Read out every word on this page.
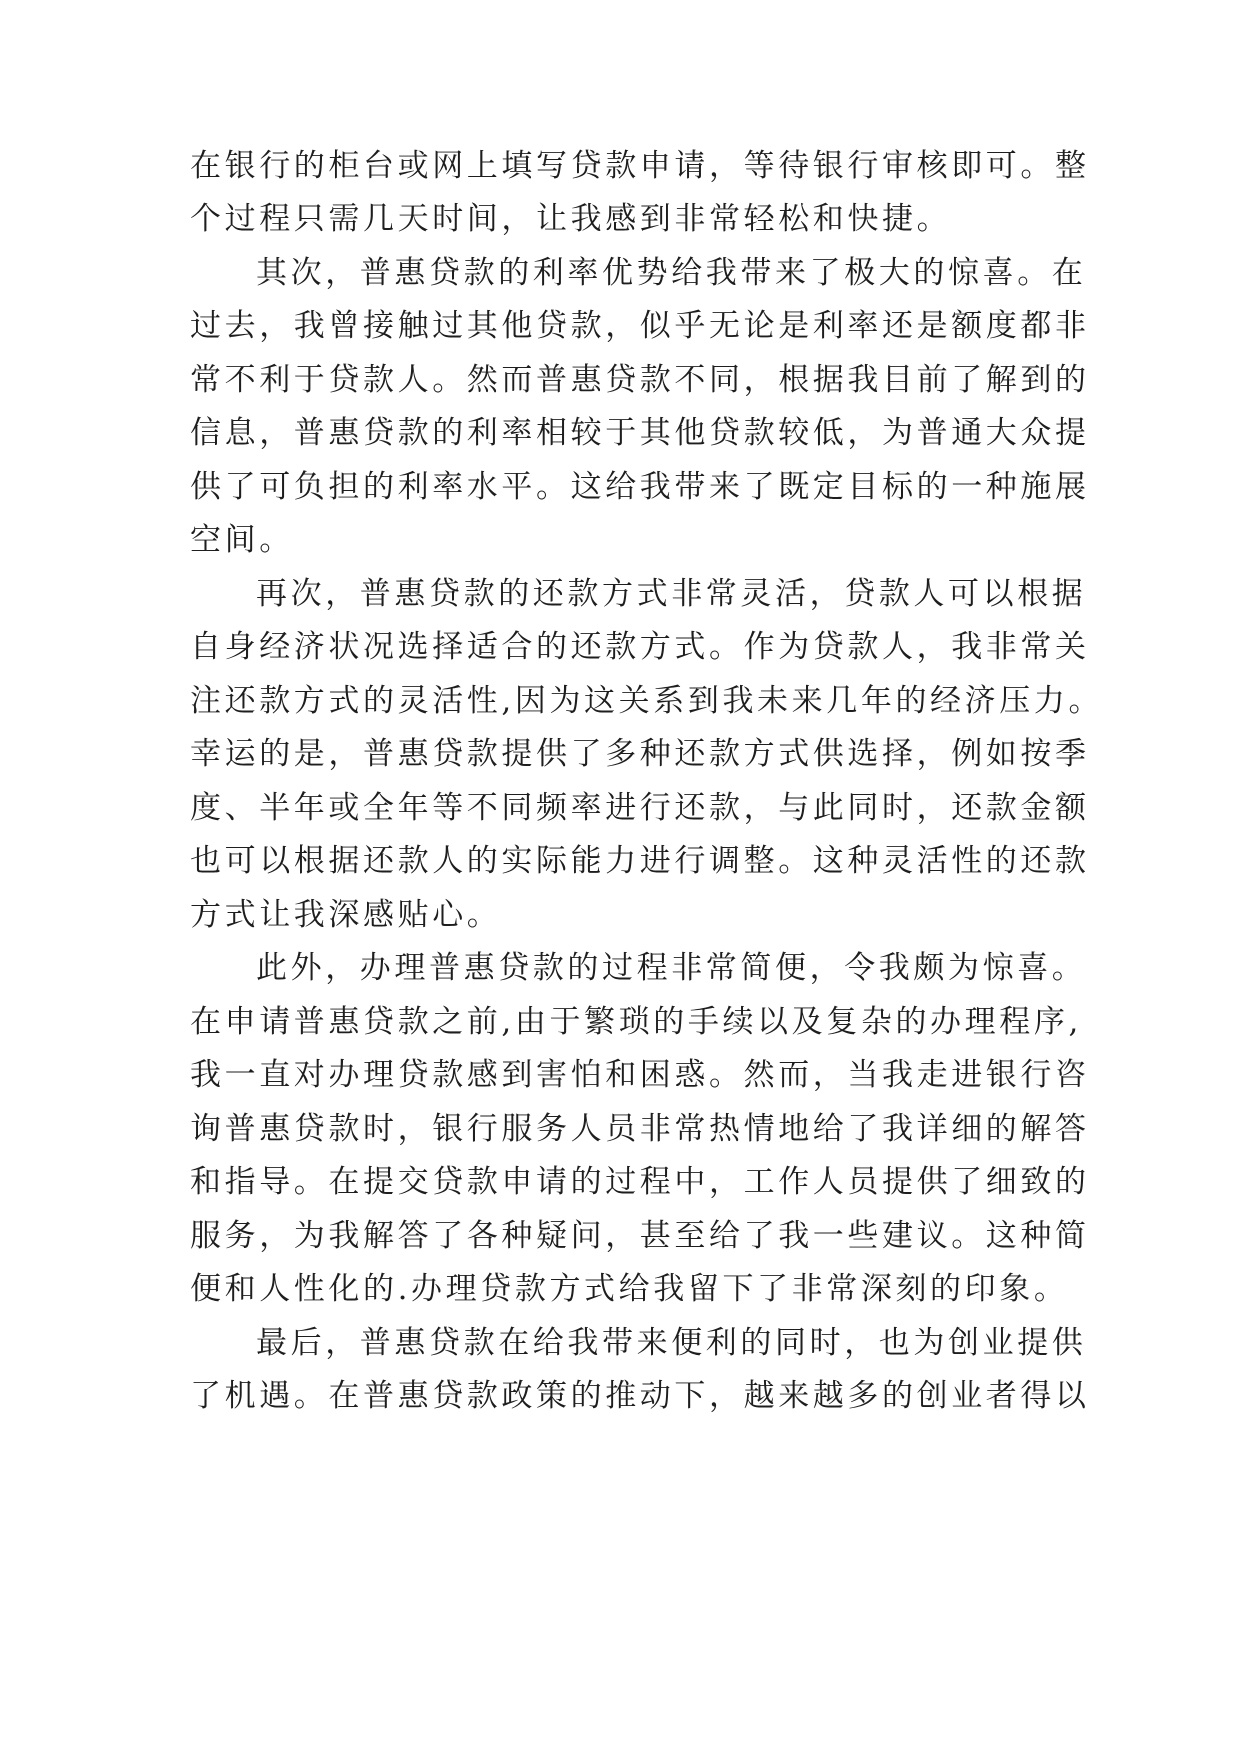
在银行的柜台或网上填写贷款申请，等待银行审核即可。整
个过程只需几天时间，让我感到非常轻松和快捷。
其次，普惠贷款的利率优势给我带来了极大的惊喜。在
过去，我曾接触过其他贷款，似乎无论是利率还是额度都非
常不利于贷款人。然而普惠贷款不同，根据我目前了解到的
信息，普惠贷款的利率相较于其他贷款较低，为普通大众提
供了可负担的利率水平。这给我带来了既定目标的一种施展
空间。
再次，普惠贷款的还款方式非常灵活，贷款人可以根据
自身经济状况选择适合的还款方式。作为贷款人，我非常关
注还款方式的灵活性,因为这关系到我未来几年的经济压力。
幸运的是，普惠贷款提供了多种还款方式供选择，例如按季
度、半年或全年等不同频率进行还款，与此同时，还款金额
也可以根据还款人的实际能力进行调整。这种灵活性的还款
方式让我深感贴心。
此外，办理普惠贷款的过程非常简便，令我颇为惊喜。
在申请普惠贷款之前,由于繁琐的手续以及复杂的办理程序,
我一直对办理贷款感到害怕和困惑。然而，当我走进银行咨
询普惠贷款时，银行服务人员非常热情地给了我详细的解答
和指导。在提交贷款申请的过程中，工作人员提供了细致的
服务，为我解答了各种疑问，甚至给了我一些建议。这种简
便和人性化的.办理贷款方式给我留下了非常深刻的印象。
最后，普惠贷款在给我带来便利的同时，也为创业提供
了机遇。在普惠贷款政策的推动下，越来越多的创业者得以
